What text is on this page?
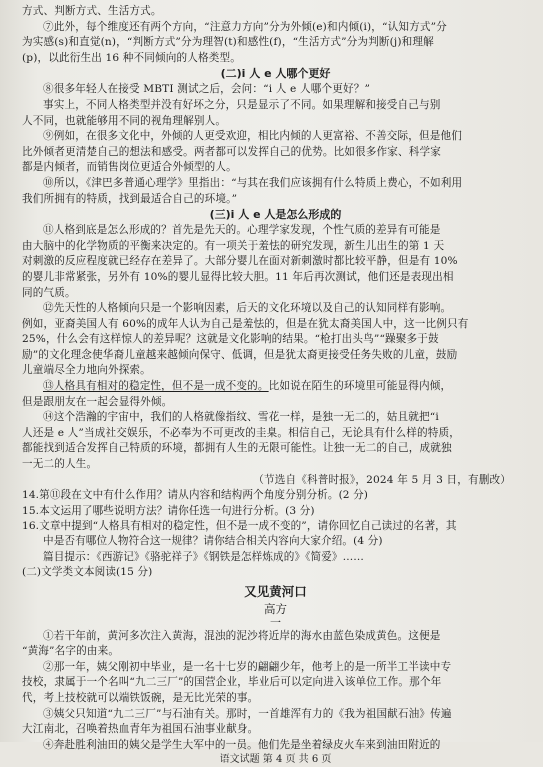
方式、判断方式、生活方式。
⑦此外，每个维度还有两个方向，“注意力方向”分为外倾(e)和内倾(i)，“认知方式”分
为实感(s)和直觉(n)，“判断方式”分为理智(t)和感性(f)，“生活方式”分为判断(j)和理解
(p)，以此衍生出 16 种不同倾向的人格类型。
(二)i 人 e 人哪个更好
⑧很多年轻人在接受 MBTI 测试之后，会问：“i 人 e 人哪个更好？”
事实上，不同人格类型并没有好坏之分，只是显示了不同。如果理解和接受自己与别
人不同，也就能够用不同的视角理解别人。
⑨例如，在很多文化中，外倾的人更受欢迎，相比内倾的人更富裕、不善交际，但是他们
比外倾者更清楚自己的想法和感受。两者都可以发挥自己的优势。比如很多作家、科学家
都是内倾者，而销售岗位更适合外倾型的人。
⑩所以，《津巴多普通心理学》里指出：“与其在我们应该拥有什么特质上费心，不如利用
我们所拥有的特质，找到最适合自己的环境。”
(三)i 人 e 人是怎么形成的
⑪人格到底是怎么形成的？首先是先天的。心理学家发现，个性气质的差异有可能是
由大脑中的化学物质的平衡来决定的。有一项关于羞怯的研究发现，新生儿出生的第 1 天
对刺激的反应程度就已经存在差异了。大部分婴儿在面对新刺激时都比较平静，但是有 10%
的婴儿非常紧张，另外有 10%的婴儿显得比较大胆。11 年后再次测试，他们还是表现出相
同的气质。
⑫先天性的人格倾向只是一个影响因素，后天的文化环境以及自己的认知同样有影响。
例如，亚裔美国人有 60%的成年人认为自己是羞怯的，但是在犹太裔美国人中，这一比例只有
25%，什么会有这样惊人的差异呢？这就是文化影响的结果。“枪打出头鸟”“躁聚多于鼓
励”的文化理念使华裔儿童越来越倾向保守、低调，但是犹太裔更接受任务失败的儿童，鼓励
儿童端尽全力地向外探索。
⑬人格具有相对的稳定性，但不是一成不变的。比如说在陌生的环境里可能显得内倾，
但是跟朋友在一起会显得外倾。
⑭这个浩瀚的宇宙中，我们的人格就像指纹、雪花一样，是独一无二的，姑且就把“i
人还是 e 人”当成社交娱乐，不必奉为不可更改的圭臬。相信自己，无论具有什么样的特质，
都能找到适合发挥自己特质的环境，都拥有人生的无限可能性。让独一无二的自己，成就独
一无二的人生。
（节选自《科普时报》，2024 年 5 月 3 日，有删改）
14.第⑪段在文中有什么作用？请从内容和结构两个角度分别分析。(2 分)
15.本文运用了哪些说明方法？请你任选一句进行分析。(3 分)
16.文章中提到“人格具有相对的稳定性，但不是一成不变的”，请你回忆自己读过的名著，其
中是否有哪位人物符合这一规律？请你结合相关内容向大家介绍。(4 分)
篇目提示：《西游记》《骆驼祥子》《钢铁是怎样炼成的》《简爱》……
(二)文学类文本阅读(15 分)
又见黄河口
高方
一
①若干年前，黄河多次注入黄海，混浊的泥沙将近岸的海水由蓝色染成黄色。这便是
“黄海”名字的由来。
②那一年，姨父刚初中毕业，是一名十七岁的翩翩少年，他考上的是一所半工半读中专
技校，隶属于一个名叫“九二三厂”的国营企业，毕业后可以定向进入该单位工作。那个年
代，考上技校就可以端铁饭碗，是无比光荣的事。
③姨父只知道“九二三厂”与石油有关。那时，一首雄浑有力的《我为祖国献石油》传遍
大江南北，召唤着热血青年为祖国石油事业献身。
④奔赴胜利油田的姨父是学生大军中的一员。他们先是坐着绿皮火车来到油田附近的
语文试题 第 4 页 共 6 页
